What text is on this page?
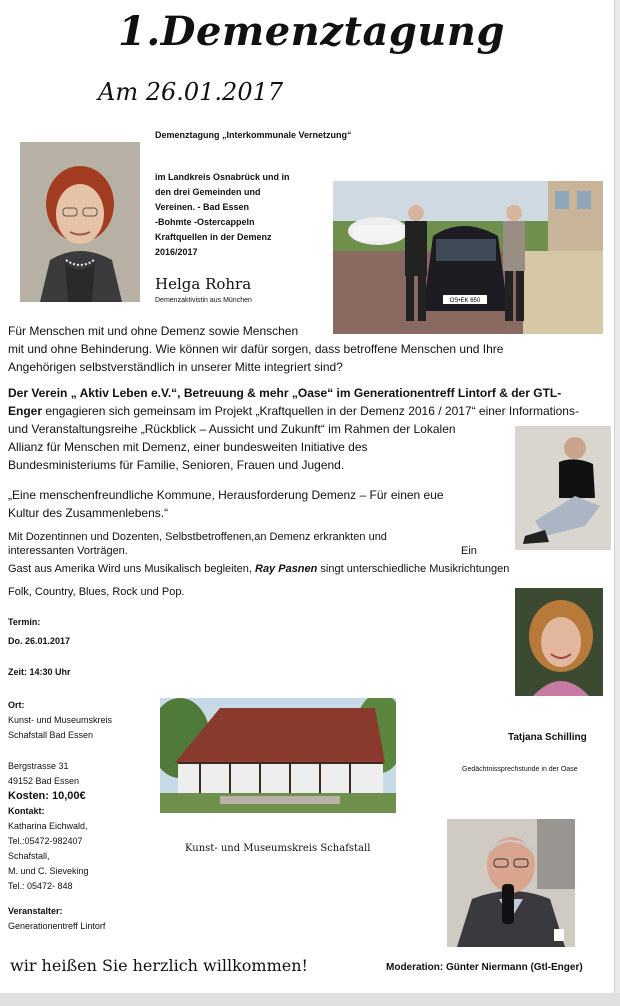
1.Demenztagung
Am 26.01.2017
Demenztagung „Interkommunale Vernetzung“
im Landkreis Osnabrück und in
den drei Gemeinden und
Vereinen. - Bad Essen
-Bohmte -Ostercappeln
Kraftquellen in der Demenz
2016/2017
Helga Rohra
Demenzaktivistin aus München	OS•EK 650
Für Menschen mit und ohne Demenz sowie Menschen
mit und ohne Behinderung. Wie können wir dafür sorgen, dass betroffene Menschen und Ihre
Angehörigen selbstverständlich in unserer Mitte integriert sind?
Der Verein „ Aktiv Leben e.V.“, Betreuung & mehr „Oase“ im Generationentreff Lintorf & der GTL-
Enger engagieren sich gemeinsam im Projekt „Kraftquellen in der Demenz 2016 / 2017“ einer Informations-
und Veranstaltungsreihe „Rückblick – Aussicht und Zukunft“ im Rahmen der Lokalen
Allianz für Menschen mit Demenz, einer bundesweiten Initiative des
Bundesministeriums für Familie, Senioren, Frauen und Jugend.
„Eine menschenfreundliche Kommune, Herausforderung Demenz – Für einen eue
Kultur des Zusammenlebens.“
Mit Dozentinnen und Dozenten, Selbstbetroffenen,an Demenz erkrankten und
interessanten Vorträgen.	Ein
Gast aus Amerika Wird uns Musikalisch begleiten, Ray Pasnen singt unterschiedliche Musikrichtungen
Folk, Country, Blues, Rock und Pop.
Termin:
Do. 26.01.2017
Zeit: 14:30 Uhr
Ort:
Kunst- und Museumskreis
Schafstall Bad Essen
Bergstrasse 31
49152 Bad Essen
Kosten: 10,00€
Kontakt:
Katharina Eichwald,
Tel.:05472-982407
Schafstall,
M. und C. Sieveking
Tel.: 05472- 848
Veranstalter:
Generationentreff Lintorf
Kunst- und Museumskreis Schafstall
Tatjana Schilling
Gedächtnissprechstunde in der Oase
wir heißen Sie herzlich willkommen!	Moderation: Günter Niermann (Gtl-Enger)
